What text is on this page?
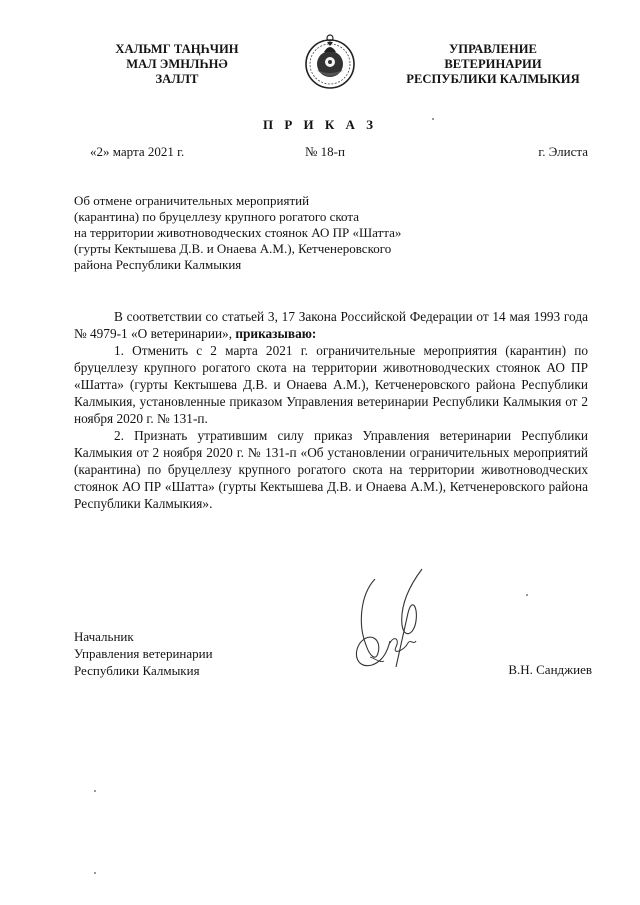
ХАЛЬМГ ТАҢҺЧИН
МАЛ ЭМНЛҺНӘ
ЗАЛЛТ
УПРАВЛЕНИЕ
ВЕТЕРИНАРИИ
РЕСПУБЛИКИ КАЛМЫКИЯ
П Р И К А З
«2» марта 2021 г.	№ 18-п	г. Элиста
Об отмене ограничительных мероприятий
(карантина) по бруцеллезу крупного рогатого скота
на территории животноводческих стоянок АО ПР «Шатта»
(гурты Кектышева Д.В. и Онаева А.М.), Кетченеровского
района Республики Калмыкия

В соответствии со статьей 3, 17 Закона Российской Федерации от 14 мая 1993 года № 4979-1 «О ветеринарии», приказываю:

1. Отменить с 2 марта 2021 г. ограничительные мероприятия (карантин) по бруцеллезу крупного рогатого скота на территории животноводческих стоянок АО ПР «Шатта» (гурты Кектышева Д.В. и Онаева А.М.), Кетченеровского района Республики Калмыкия, установленные приказом Управления ветеринарии Республики Калмыкия от 2 ноября 2020 г. № 131-п.

2. Признать утратившим силу приказ Управления ветеринарии Республики Калмыкия от 2 ноября 2020 г. № 131-п «Об установлении ограничительных мероприятий (карантина) по бруцеллезу крупного рогатого скота на территории животноводческих стоянок АО ПР «Шатта» (гурты Кектышева Д.В. и Онаева А.М.), Кетченеровского района Республики Калмыкия».

Начальник
Управления ветеринарии
Республики Калмыкия	В.Н. Санджиев
